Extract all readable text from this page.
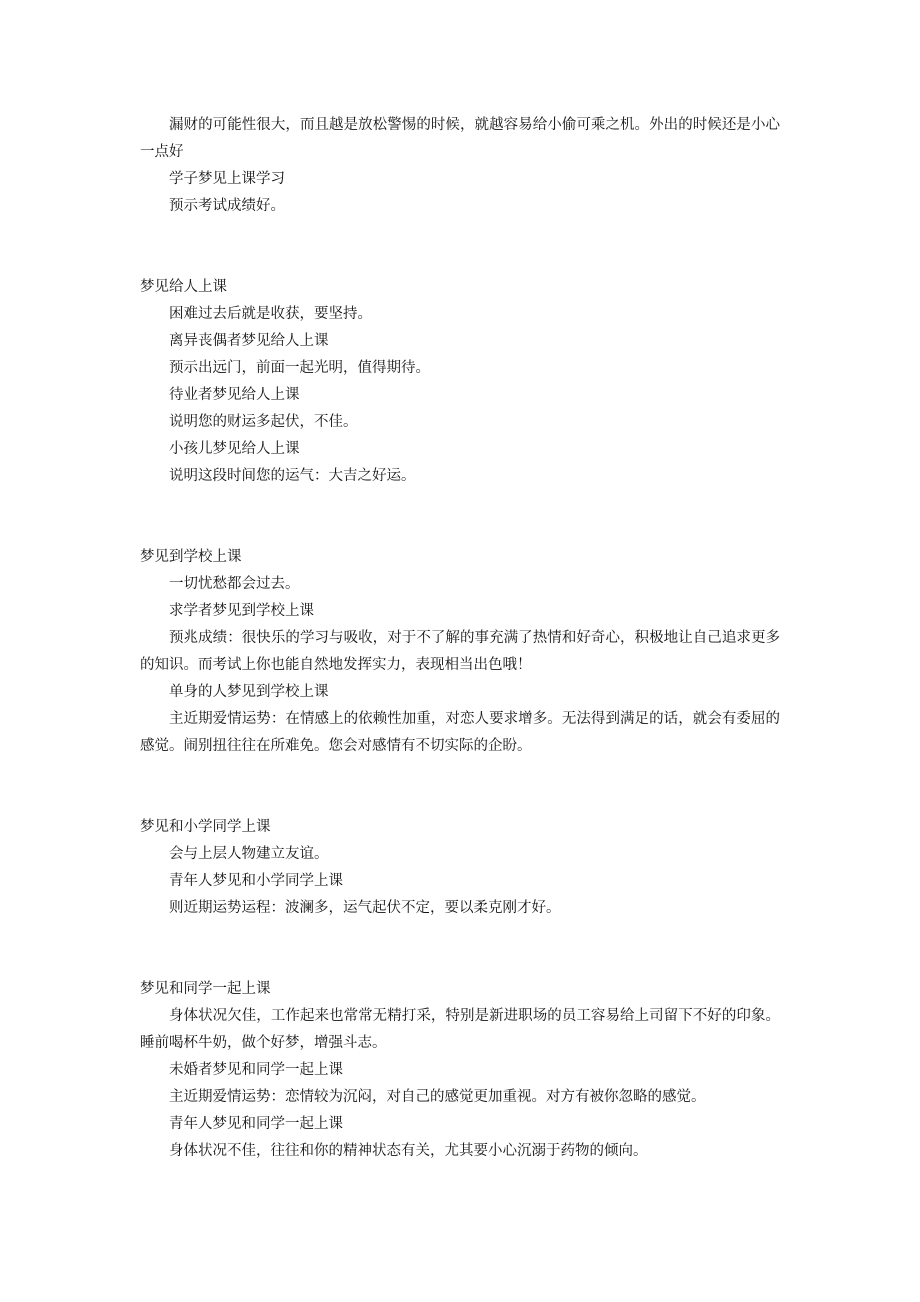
漏财的可能性很大，而且越是放松警惕的时候，就越容易给小偷可乘之机。外出的时候还是小心一点好

学子梦见上课学习

预示考试成绩好。

梦见给人上课

困难过去后就是收获，要坚持。

离异丧偶者梦见给人上课

预示出远门，前面一起光明，值得期待。

待业者梦见给人上课

说明您的财运多起伏，不佳。

小孩儿梦见给人上课

说明这段时间您的运气：大吉之好运。

梦见到学校上课

一切忧愁都会过去。

求学者梦见到学校上课

预兆成绩：很快乐的学习与吸收，对于不了解的事充满了热情和好奇心，积极地让自己追求更多的知识。而考试上你也能自然地发挥实力，表现相当出色哦！

单身的人梦见到学校上课

主近期爱情运势：在情感上的依赖性加重，对恋人要求增多。无法得到满足的话，就会有委屈的感觉。闹别扭往往在所难免。您会对感情有不切实际的企盼。

梦见和小学同学上课

会与上层人物建立友谊。

青年人梦见和小学同学上课

则近期运势运程：波澜多，运气起伏不定，要以柔克刚才好。

梦见和同学一起上课

身体状况欠佳，工作起来也常常无精打采，特别是新进职场的员工容易给上司留下不好的印象。睡前喝杯牛奶，做个好梦，增强斗志。

未婚者梦见和同学一起上课

主近期爱情运势：恋情较为沉闷，对自己的感觉更加重视。对方有被你忽略的感觉。

青年人梦见和同学一起上课

身体状况不佳，往往和你的精神状态有关，尤其要小心沉溺于药物的倾向。
